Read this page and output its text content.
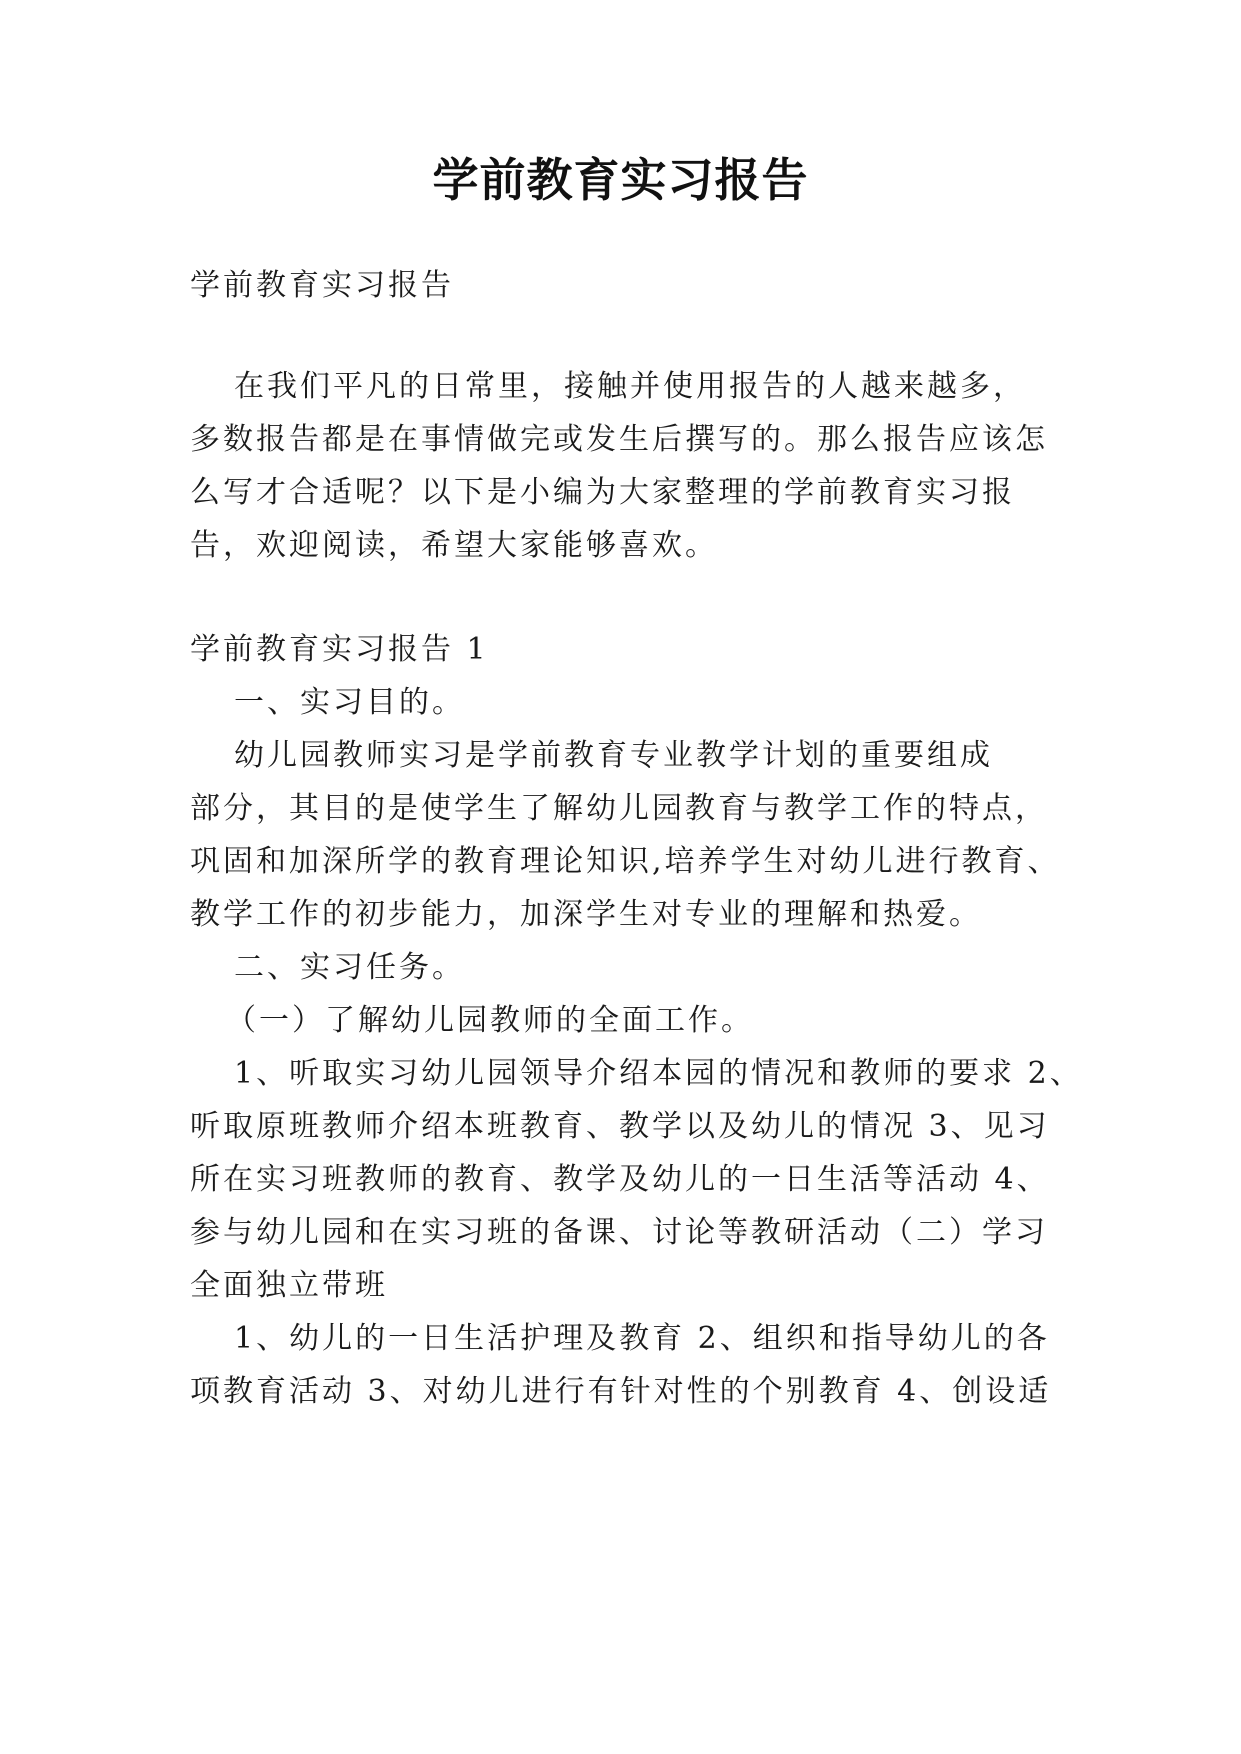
学前教育实习报告
学前教育实习报告
在我们平凡的日常里，接触并使用报告的人越来越多，
多数报告都是在事情做完或发生后撰写的。那么报告应该怎
么写才合适呢？以下是小编为大家整理的学前教育实习报
告，欢迎阅读，希望大家能够喜欢。
学前教育实习报告 1
一、实习目的。
幼儿园教师实习是学前教育专业教学计划的重要组成
部分，其目的是使学生了解幼儿园教育与教学工作的特点，
巩固和加深所学的教育理论知识,培养学生对幼儿进行教育、
教学工作的初步能力，加深学生对专业的理解和热爱。
二、实习任务。
（一）了解幼儿园教师的全面工作。
1、听取实习幼儿园领导介绍本园的情况和教师的要求 2、
听取原班教师介绍本班教育、教学以及幼儿的情况 3、见习
所在实习班教师的教育、教学及幼儿的一日生活等活动 4、
参与幼儿园和在实习班的备课、讨论等教研活动（二）学习
全面独立带班
1、幼儿的一日生活护理及教育 2、组织和指导幼儿的各
项教育活动 3、对幼儿进行有针对性的个别教育 4、创设适
